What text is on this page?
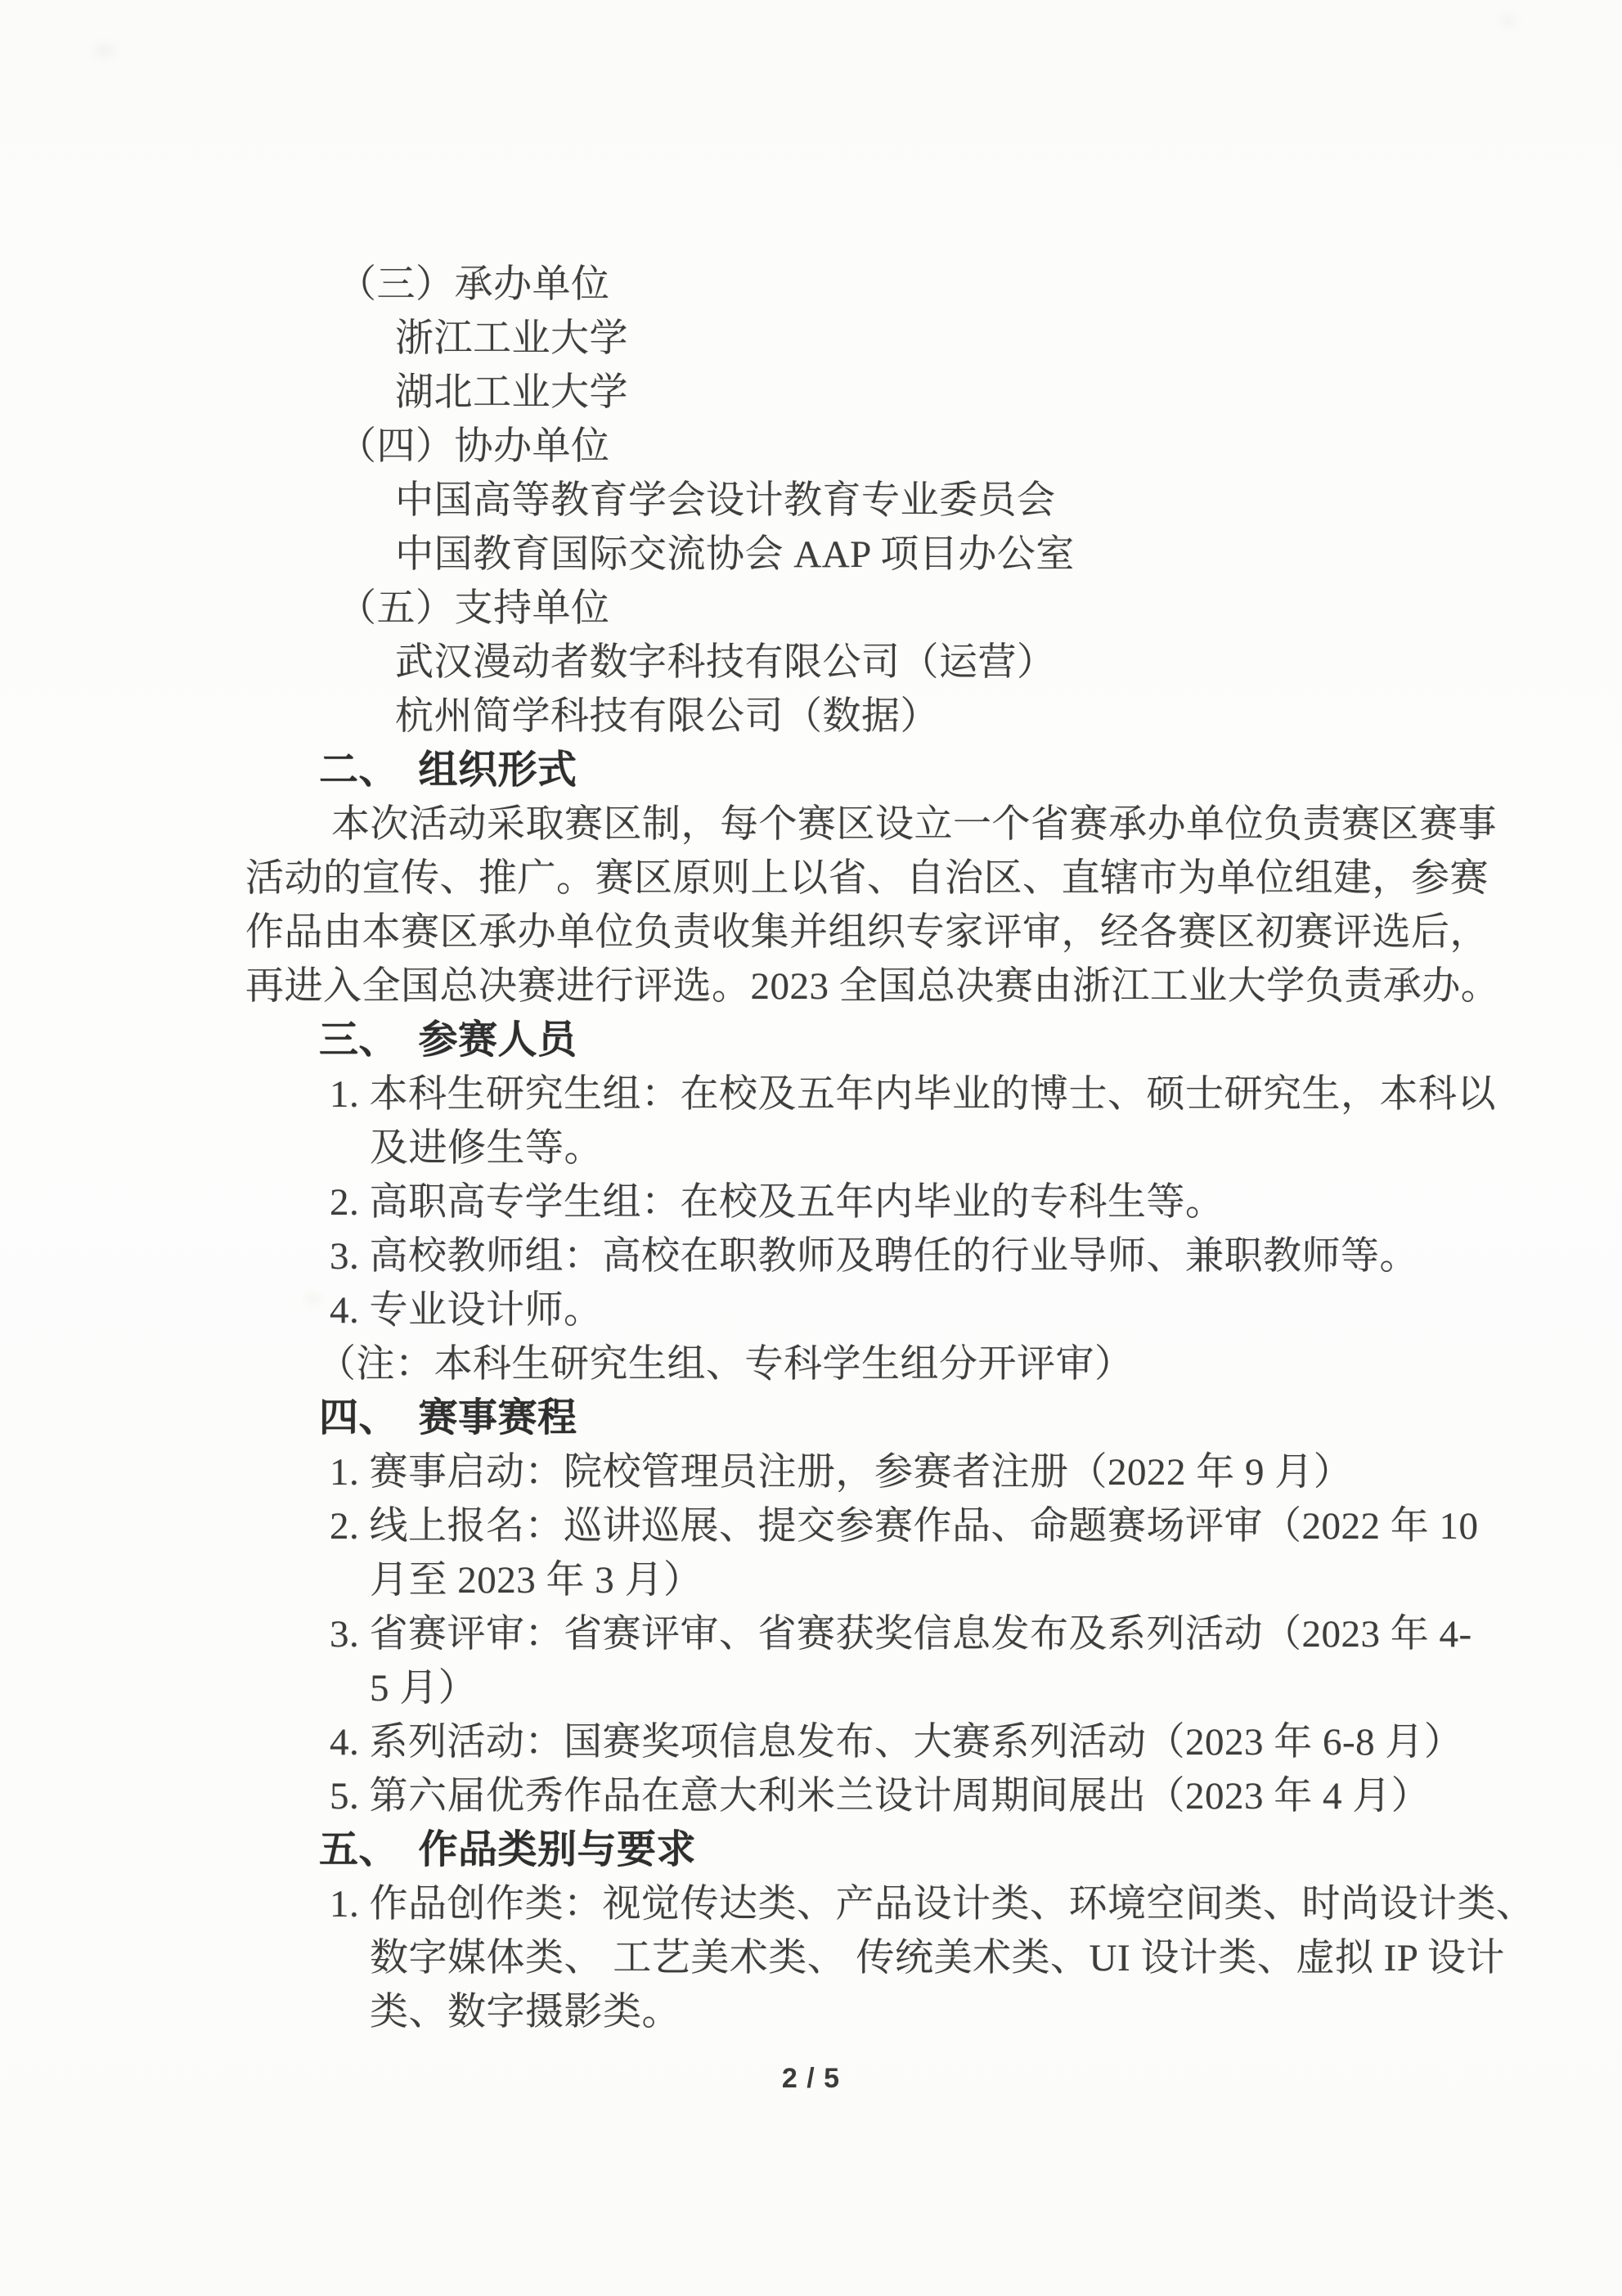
（三）承办单位
浙江工业大学
湖北工业大学
（四）协办单位
中国高等教育学会设计教育专业委员会
中国教育国际交流协会 AAP 项目办公室
（五）支持单位
武汉漫动者数字科技有限公司（运营）
杭州简学科技有限公司（数据）
二、　组织形式
本次活动采取赛区制，每个赛区设立一个省赛承办单位负责赛区赛事
活动的宣传、推广。赛区原则上以省、自治区、直辖市为单位组建，参赛
作品由本赛区承办单位负责收集并组织专家评审，经各赛区初赛评选后，
再进入全国总决赛进行评选。2023 全国总决赛由浙江工业大学负责承办。
三、　参赛人员
1. 本科生研究生组：在校及五年内毕业的博士、硕士研究生，本科以
及进修生等。
2. 高职高专学生组：在校及五年内毕业的专科生等。
3. 高校教师组：高校在职教师及聘任的行业导师、兼职教师等。
4. 专业设计师。
（注：本科生研究生组、专科学生组分开评审）
四、　赛事赛程
1. 赛事启动：院校管理员注册，参赛者注册（2022 年 9 月）
2. 线上报名：巡讲巡展、提交参赛作品、命题赛场评审（2022 年 10
月至 2023 年 3 月）
3. 省赛评审：省赛评审、省赛获奖信息发布及系列活动（2023 年 4-
5 月）
4. 系列活动：国赛奖项信息发布、大赛系列活动（2023 年 6-8 月）
5. 第六届优秀作品在意大利米兰设计周期间展出（2023 年 4 月）
五、　作品类别与要求
1. 作品创作类：视觉传达类、产品设计类、环境空间类、时尚设计类、
数字媒体类、 工艺美术类、 传统美术类、UI 设计类、虚拟 IP 设计
类、数字摄影类。
2 / 5
